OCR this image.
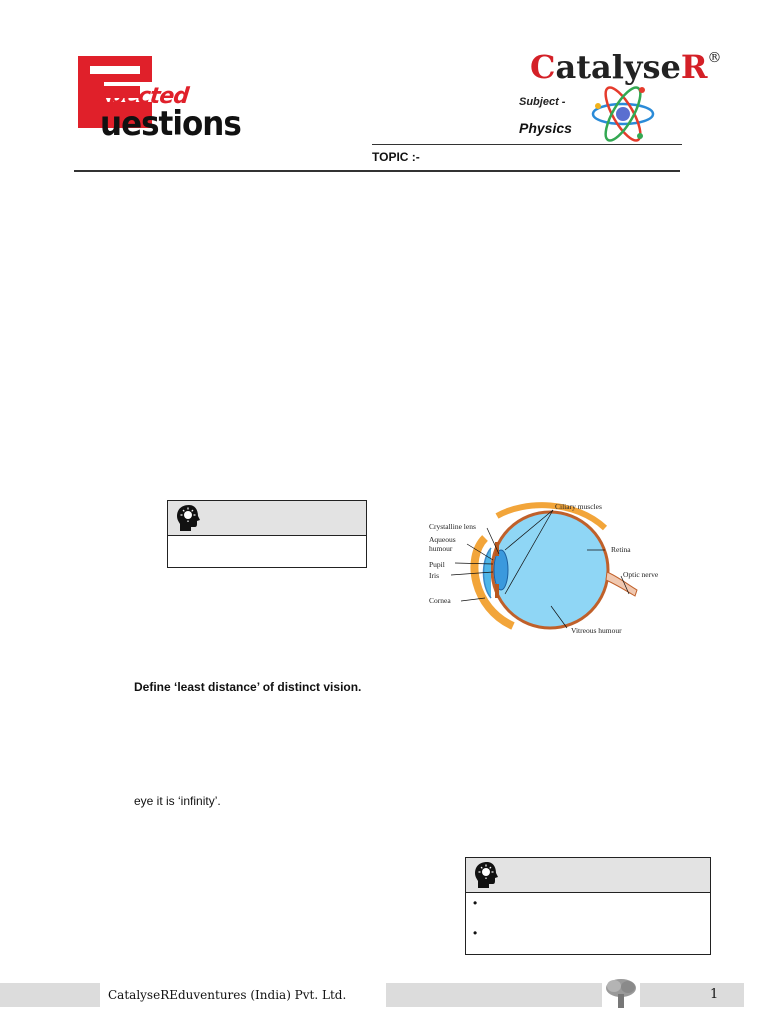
xpected
uestions
CatalyseR®
Subject -
Physics
TOPIC :-
Ciliary muscles
Crystalline lens
Aqueous
humour
Pupil
Iris
Cornea
Retina
Optic nerve
Vitreous humour
Define ‘least distance’ of distinct vision.
eye it is ‘infinity’.
•
•
CatalyseREduventures (India) Pvt. Ltd.	1
